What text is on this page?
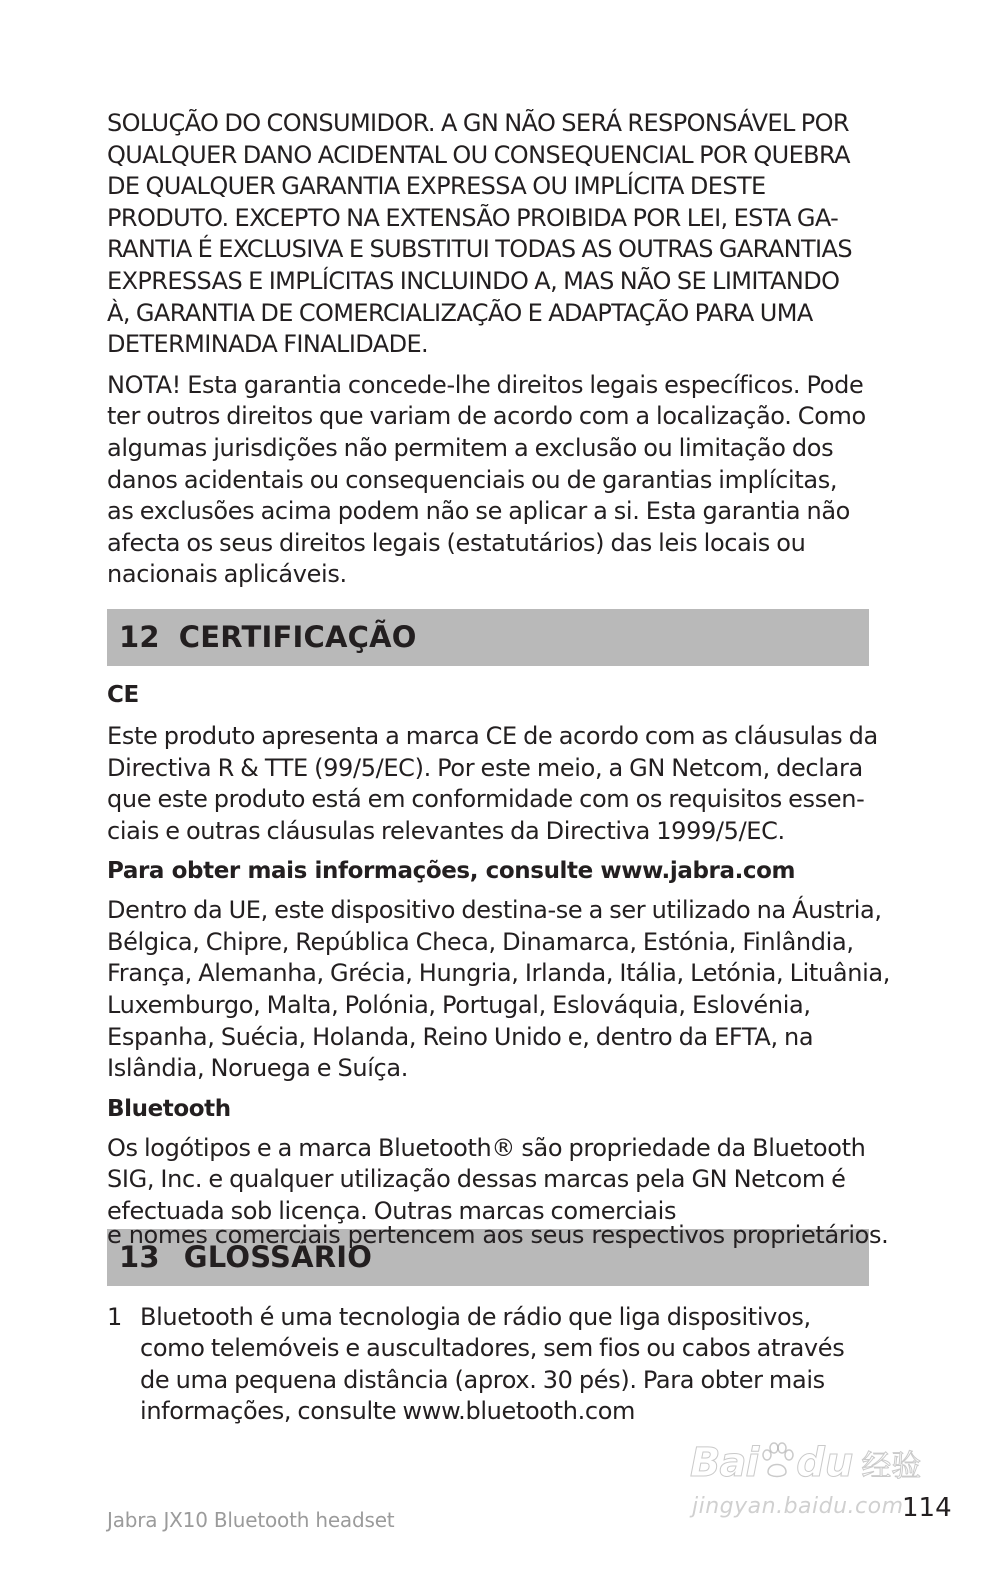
SOLUÇÃO DO CONSUMIDOR. A GN NÃO SERÁ RESPONSÁVEL POR
QUALQUER DANO ACIDENTAL OU CONSEQUENCIAL POR QUEBRA
DE QUALQUER GARANTIA EXPRESSA OU IMPLÍCITA DESTE
PRODUTO. EXCEPTO NA EXTENSÃO PROIBIDA POR LEI, ESTA GA-
RANTIA É EXCLUSIVA E SUBSTITUI TODAS AS OUTRAS GARANTIAS
EXPRESSAS E IMPLÍCITAS INCLUINDO A, MAS NÃO SE LIMITANDO
À, GARANTIA DE COMERCIALIZAÇÃO E ADAPTAÇÃO PARA UMA
DETERMINADA FINALIDADE.
NOTA! Esta garantia concede-lhe direitos legais específicos. Pode
ter outros direitos que variam de acordo com a localização. Como
algumas jurisdições não permitem a exclusão ou limitação dos
danos acidentais ou consequenciais ou de garantias implícitas,
as exclusões acima podem não se aplicar a si. Esta garantia não
afecta os seus direitos legais (estatutários) das leis locais ou
nacionais aplicáveis.
12 CERTIFICAÇÃO
CE
Este produto apresenta a marca CE de acordo com as cláusulas da
Directiva R & TTE (99/5/EC). Por este meio, a GN Netcom, declara
que este produto está em conformidade com os requisitos essen-
ciais e outras cláusulas relevantes da Directiva 1999/5/EC.
Para obter mais informações, consulte www.jabra.com
Dentro da UE, este dispositivo destina-se a ser utilizado na Áustria,
Bélgica, Chipre, República Checa, Dinamarca, Estónia, Finlândia,
França, Alemanha, Grécia, Hungria, Irlanda, Itália, Letónia, Lituânia,
Luxemburgo, Malta, Polónia, Portugal, Eslováquia, Eslovénia,
Espanha, Suécia, Holanda, Reino Unido e, dentro da EFTA, na
Islândia, Noruega e Suíça.
Bluetooth
Os logótipos e a marca Bluetooth® são propriedade da Bluetooth
SIG, Inc. e qualquer utilização dessas marcas pela GN Netcom é
efectuada sob licença. Outras marcas comerciais
e nomes comerciais pertencem aos seus respectivos proprietários.
13 GLOSSÁRIO
1 Bluetooth é uma tecnologia de rádio que liga dispositivos,
como telemóveis e auscultadores, sem fios ou cabos através
de uma pequena distância (aprox. 30 pés). Para obter mais
informações, consulte www.bluetooth.com
Bai du 经验
jingyan.baidu.com
Jabra JX10 Bluetooth headset	114
